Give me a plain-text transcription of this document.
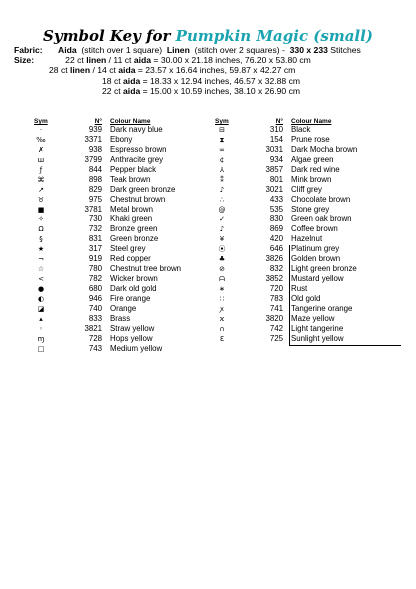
Symbol Key for Pumpkin Magic (small)
Fabric: Aida (stitch over 1 square) Linen (stitch over 2 squares) - 330 x 233 Stitches
Size:	22 ct linen / 11 ct aida = 30.00 x 21.18 inches, 76.20 x 53.80 cm
28 ct linen / 14 ct aida = 23.57 x 16.64 inches, 59.87 x 42.27 cm
18 ct aida = 18.33 x 12.94 inches, 46.57 x 32.88 cm
22 ct aida = 15.00 x 10.59 inches, 38.10 x 26.90 cm
Sym	N° Colour Name
·	939 Dark navy blue
‰	3371 Ebony
✗	938 Espresso brown
ш	3799 Anthracite grey
ƒ	844 Pepper black
⌘	898 Teak brown
↗	829 Dark green bronze
♉	975 Chestnut brown
■	3781 Metal brown
✧	730 Khaki green
Ω	732 Bronze green
§	831 Green bronze
★	317 Steel grey
¬	919 Red copper
☆	780 Chestnut tree brown
<	782 Wicker brown
●	680 Dark old gold
◐	946 Fire orange
◪	740 Orange
▴	833 Brass
◦	3821 Straw yellow
ɱ	728 Hops yellow
□	743 Medium yellow
Sym	N° Colour Name
⊟	310 Black
⧗	154 Prune rose
∞	3031 Dark Mocha brown
¢	934 Algae green
⅄	3857 Dark red wine
⁑	801 Mink brown
♪	3021 Cliff grey
∴	433 Chocolate brown
@	535 Stone grey
✓	830 Green oak brown
♪	869 Coffee brown
¥	420 Hazelnut
⦿	646 Platinum grey
♣	3826 Golden brown
⊘	832 Light green bronze
ᗩ	3852 Mustard yellow
∗	720 Rust
∷	783 Old gold
ꭗ	741 Tangerine orange
ϰ	3820 Maze yellow
∩	742 Light tangerine
Ɛ	725 Sunlight yellow
